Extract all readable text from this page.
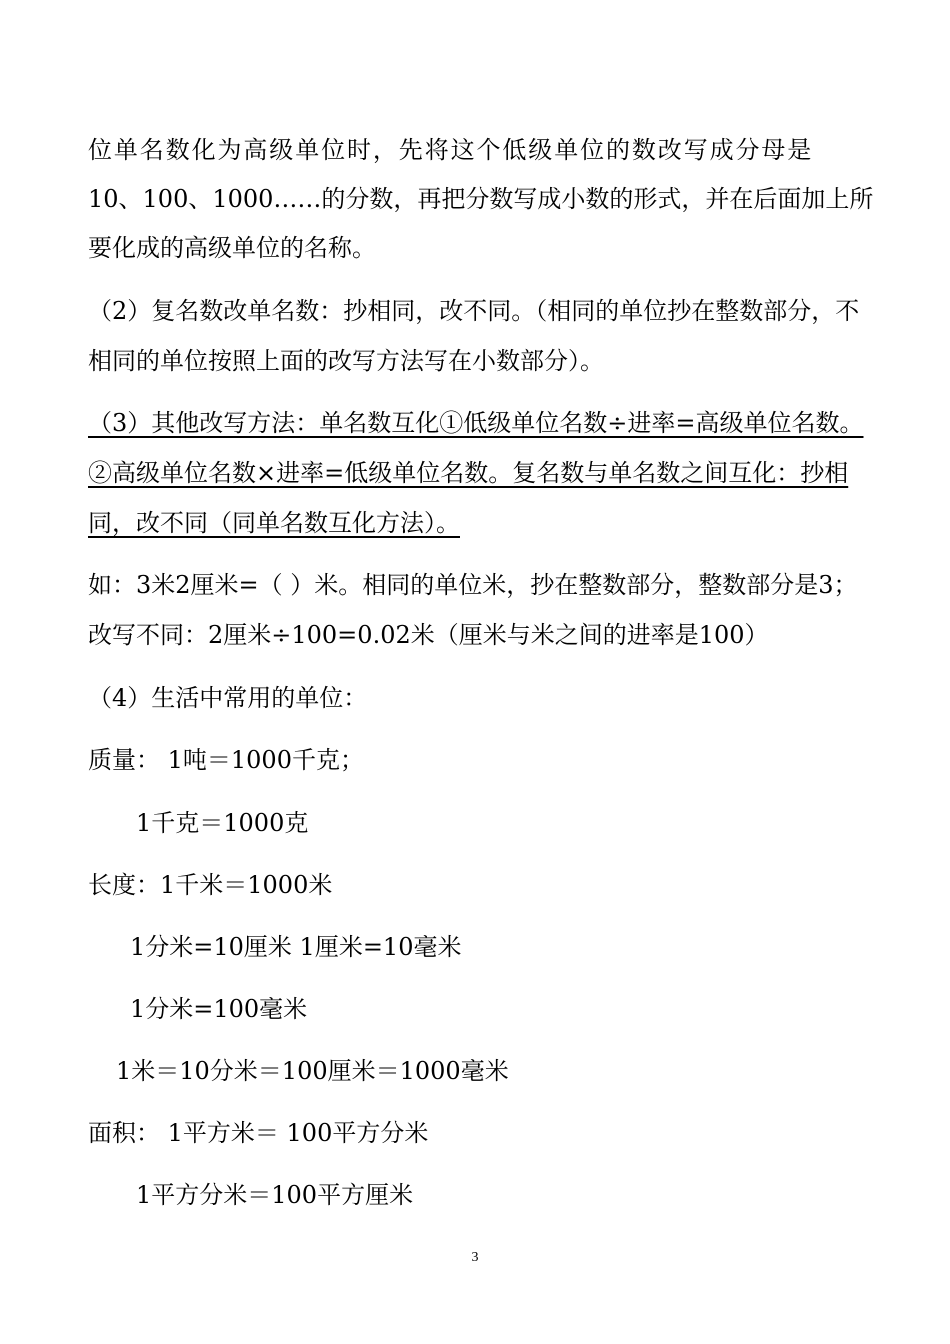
位单名数化为高级单位时，先将这个低级单位的数改写成分母是
10、100、1000……的分数，再把分数写成小数的形式，并在后面加上所
要化成的高级单位的名称。
（2）复名数改单名数：抄相同，改不同。（相同的单位抄在整数部分，不
相同的单位按照上面的改写方法写在小数部分）。
（3）其他改写方法：单名数互化①低级单位名数÷进率=高级单位名数。
②高级单位名数×进率=低级单位名数。复名数与单名数之间互化：抄相
同，改不同（同单名数互化方法）。
如：3米2厘米=（ ）米。相同的单位米，抄在整数部分，整数部分是3；
改写不同：2厘米÷100=0.02米（厘米与米之间的进率是100）
（4）生活中常用的单位：
质量： 1吨＝1000千克；
1千克＝1000克
长度：1千米＝1000米
1分米=10厘米 1厘米=10毫米
1分米=100毫米
1米＝10分米＝100厘米＝1000毫米
面积： 1平方米＝ 100平方分米
1平方分米＝100平方厘米
3
